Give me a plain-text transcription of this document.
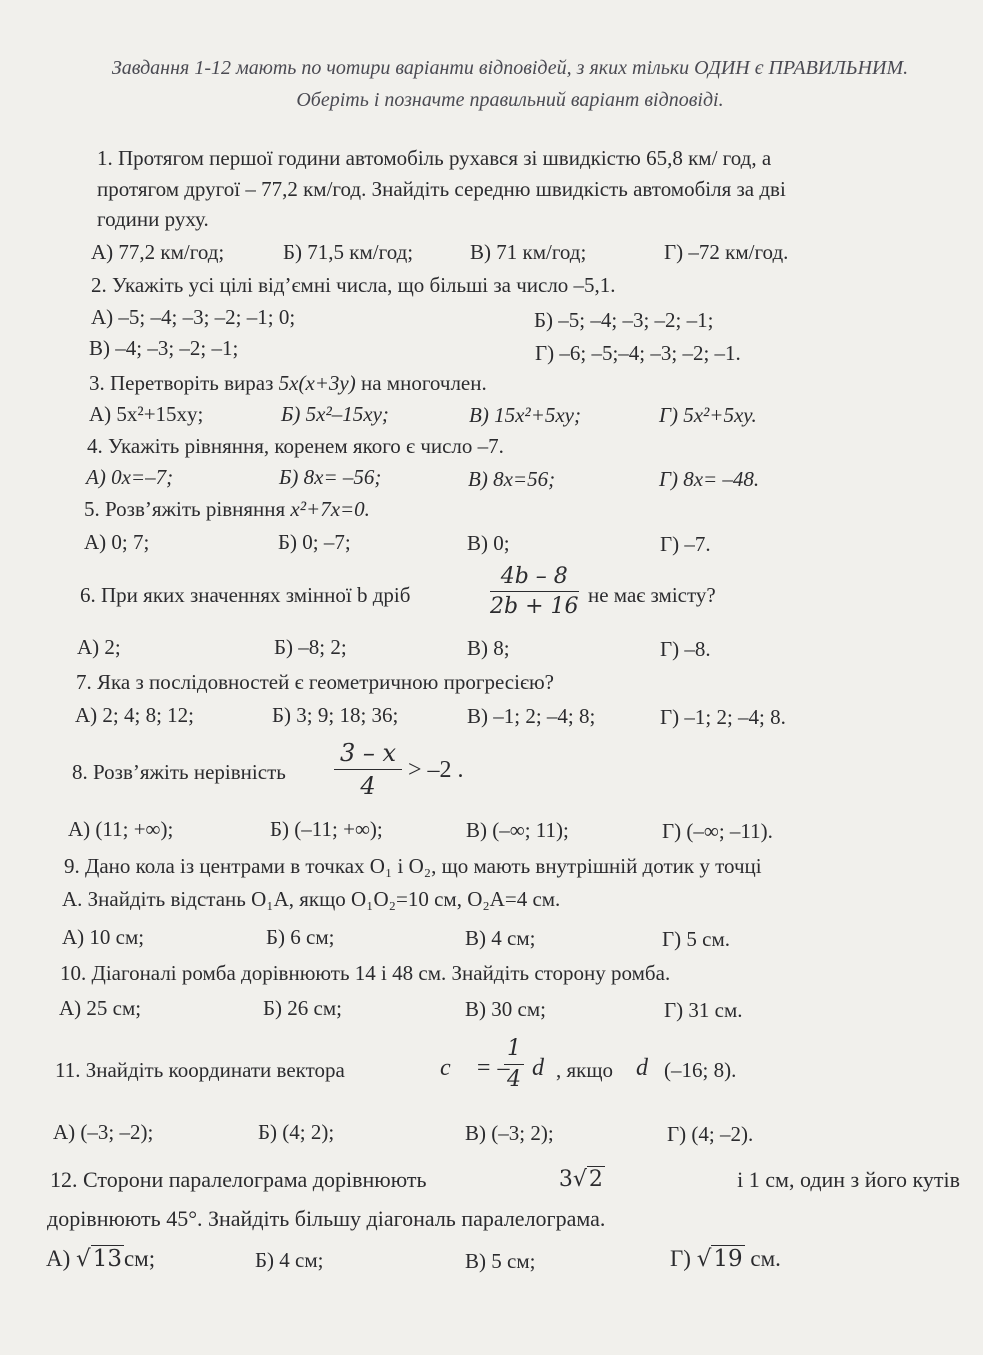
Завдання 1-12 мають по чотири варіанти відповідей, з яких тільки ОДИН є ПРАВИЛЬНИМ. Оберіть і позначте правильний варіант відповіді.
1. Протягом першої години автомобіль рухався зі швидкістю 65,8 км/ год, а
протягом другої – 77,2 км/год. Знайдіть середню швидкість автомобіля за дві
години руху.
А) 77,2 км/год;	Б) 71,5 км/год;	В) 71 км/год;	Г) –72 км/год.
2. Укажіть усі цілі від’ємні числа, що більші за число –5,1.
А) –5; –4; –3; –2; –1; 0;	Б) –5; –4; –3; –2; –1;
В) –4; –3; –2; –1;	Г) –6; –5;–4; –3; –2; –1.
3. Перетворіть вираз 5x(x+3y) на многочлен.
А) 5x²+15xy;	Б) 5x²–15xy;	В) 15x²+5xy;	Г) 5x²+5xy.
4. Укажіть рівняння, коренем якого є число –7.
А) 0x=–7;	Б) 8x= –56;	В) 8x=56;	Г) 8x= –48.
5. Розв’яжіть рівняння x²+7x=0.
А) 0; 7;	Б) 0; –7;	В) 0;	Г) –7.
6. При яких значеннях змінної b дріб	$\frac{4b - 8}{2b + 16}$ не має змісту?
А) 2;	Б) –8; 2;	В) 8;	Г) –8.
7. Яка з послідовностей є геометричною прогресією?
А) 2; 4; 8; 12;	Б) 3; 9; 18; 36;	В) –1; 2; –4; 8;	Г) –1; 2; –4; 8.
8. Розв’яжіть нерівність $\frac{3 - x}{4} > -2$ .
А) (11; +∞);	Б) (–11; +∞);	В) (–∞; 11);	Г) (–∞; –11).
9. Дано кола із центрами в точках O₁ і O₂, що мають внутрішній дотик у точці
А. Знайдіть відстань O₁A, якщо O₁O₂=10 см, O₂A=4 см.
А) 10 см;	Б) 6 см;	В) 4 см;	Г) 5 см.
10. Діагоналі ромба дорівнюють 14 і 48 см. Знайдіть сторону ромба.
А) 25 см;	Б) 26 см;	В) 30 см;	Г) 31 см.
11. Знайдіть координати вектора	c⃗ = –
$\frac{1}{4}$ d⃗
, якщо d⃗
(–16; 8).
А) (–3; –2);	Б) (4; 2);	В) (–3; 2);	Г) (4; –2).
12. Сторони паралелограма дорівнюють	3√2	і 1 см, один з його кутів
дорівнюють 45°. Знайдіть більшу діагональ паралелограма.
А) √13см;	Б) 4 см;	В) 5 см;	Г) √19 см.
